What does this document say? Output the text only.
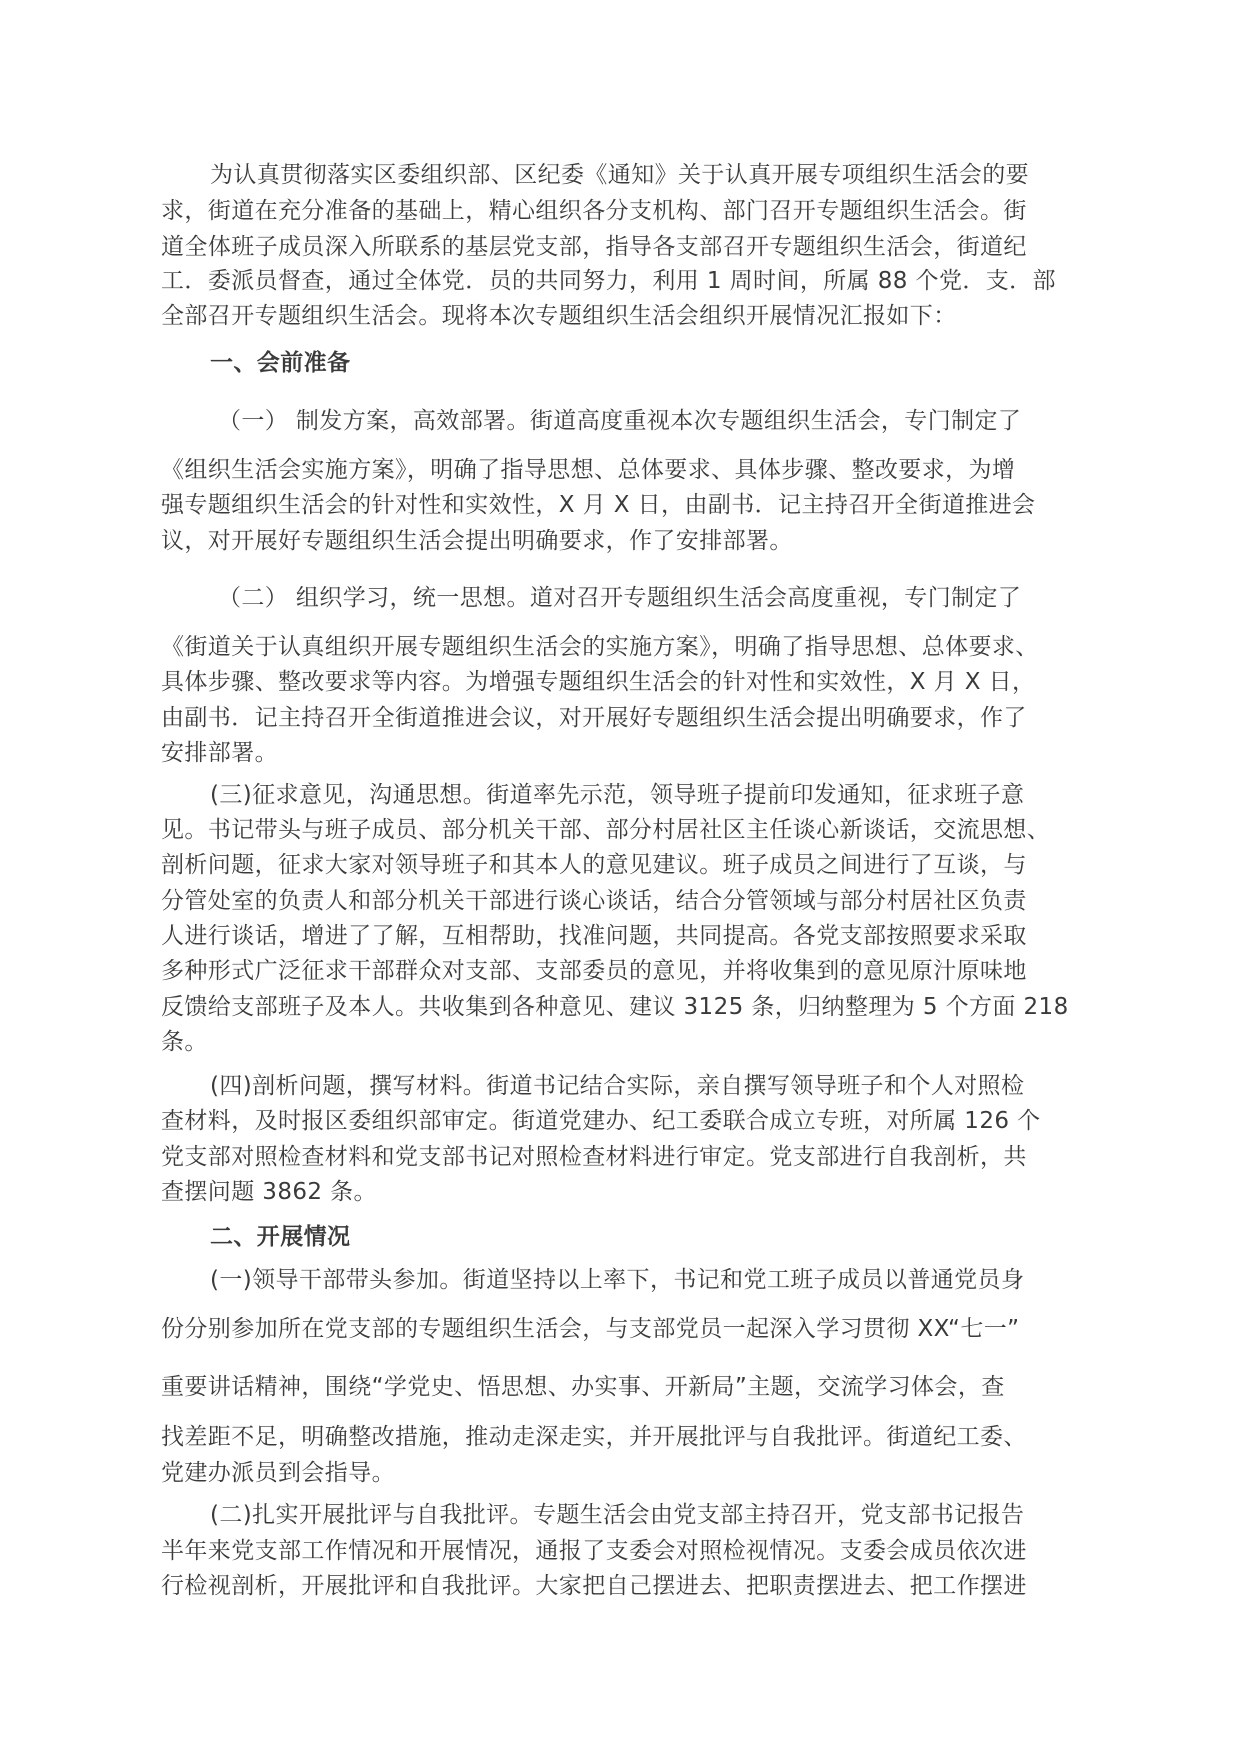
为认真贯彻落实区委组织部、区纪委《通知》关于认真开展专项组织生活会的要
求，街道在充分准备的基础上，精心组织各分支机构、部门召开专题组织生活会。街
道全体班子成员深入所联系的基层党支部，指导各支部召开专题组织生活会，街道纪
工．委派员督查，通过全体党．员的共同努力，利用 1 周时间，所属 88 个党．支．部
全部召开专题组织生活会。现将本次专题组织生活会组织开展情况汇报如下：
一、会前准备
（一） 制发方案，高效部署。街道高度重视本次专题组织生活会，专门制定了
《组织生活会实施方案》，明确了指导思想、总体要求、具体步骤、整改要求，为增
强专题组织生活会的针对性和实效性，X 月 X 日，由副书．记主持召开全街道推进会
议，对开展好专题组织生活会提出明确要求，作了安排部署。
（二） 组织学习，统一思想。道对召开专题组织生活会高度重视，专门制定了
《街道关于认真组织开展专题组织生活会的实施方案》，明确了指导思想、总体要求、
具体步骤、整改要求等内容。为增强专题组织生活会的针对性和实效性，X 月 X 日，
由副书．记主持召开全街道推进会议，对开展好专题组织生活会提出明确要求，作了
安排部署。
(三)征求意见，沟通思想。街道率先示范，领导班子提前印发通知，征求班子意
见。书记带头与班子成员、部分机关干部、部分村居社区主任谈心新谈话，交流思想、
剖析问题，征求大家对领导班子和其本人的意见建议。班子成员之间进行了互谈，与
分管处室的负责人和部分机关干部进行谈心谈话，结合分管领域与部分村居社区负责
人进行谈话，增进了了解，互相帮助，找准问题，共同提高。各党支部按照要求采取
多种形式广泛征求干部群众对支部、支部委员的意见，并将收集到的意见原汁原味地
反馈给支部班子及本人。共收集到各种意见、建议 3125 条，归纳整理为 5 个方面 218
条。
(四)剖析问题，撰写材料。街道书记结合实际，亲自撰写领导班子和个人对照检
查材料，及时报区委组织部审定。街道党建办、纪工委联合成立专班，对所属 126 个
党支部对照检查材料和党支部书记对照检查材料进行审定。党支部进行自我剖析，共
查摆问题 3862 条。
二、开展情况
(一)领导干部带头参加。街道坚持以上率下，书记和党工班子成员以普通党员身
份分别参加所在党支部的专题组织生活会，与支部党员一起深入学习贯彻 XX“七一”
重要讲话精神，围绕“学党史、悟思想、办实事、开新局”主题，交流学习体会，查
找差距不足，明确整改措施，推动走深走实，并开展批评与自我批评。街道纪工委、
党建办派员到会指导。
(二)扎实开展批评与自我批评。专题生活会由党支部主持召开，党支部书记报告
半年来党支部工作情况和开展情况，通报了支委会对照检视情况。支委会成员依次进
行检视剖析，开展批评和自我批评。大家把自己摆进去、把职责摆进去、把工作摆进
